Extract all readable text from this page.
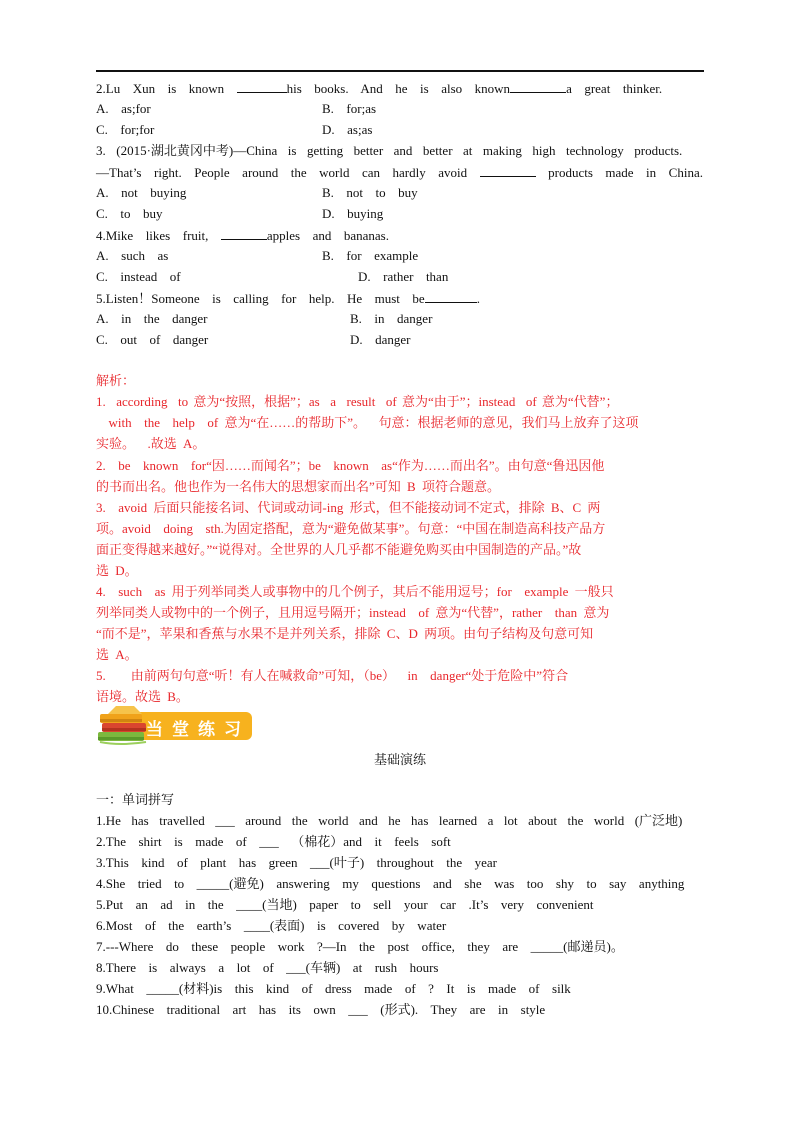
2.Lu  Xun  is  known	his  books.  And  he  is  also  known	a  great  thinker.
A.  as;for	B.  for;as
C.  for;for	D.  as;as
3.  (2015·湖北黄冈中考)—China  is  getting  better  and  better  at  making  high  technology  products.
—That’s  right.  People  around  the  world  can  hardly  avoid	products  made  in  China.
A.  not  buying	B.  not  to  buy
C.  to  buy	D.  buying
4.Mike  likes  fruit,	apples  and  bananas.
A.  such  as	B.  for  example
C.  instead  of	D.  rather  than
5.Listen！Someone  is  calling  for  help.  He  must  be	.
A.  in  the  danger	B.  in  danger
C.  out  of  danger	D.  danger
解析：
1.  according  to 意为“按照，根据”；as  a  result  of 意为“由于”；instead  of 意为“代替”；
with  the  help  of 意为“在……的帮助下”。  句意：根据老师的意见，我们马上放弃了这项
实验。  .故选 A。
2.  be  known  for“因……而闻名”；be  known  as“作为……而出名”。由句意“鲁迅因他
的书而出名。他也作为一名伟大的思想家而出名”可知 B 项符合题意。
3.  avoid 后面只能接名词、代词或动词-ing 形式，但不能接动词不定式，排除 B、C 两
项。avoid  doing  sth.为固定搭配，意为“避免做某事”。句意：“中国在制造高科技产品方
面正变得越来越好。”“说得对。全世界的人几乎都不能避免购买由中国制造的产品。”故
选 D。
4.  such  as 用于列举同类人或事物中的几个例子，其后不能用逗号；for  example 一般只
列举同类人或物中的一个例子，且用逗号隔开；instead  of 意为“代替”，rather  than 意为
“而不是”，苹果和香蕉与水果不是并列关系，排除 C、D 两项。由句子结构及句意可知
选 A。
5.    由前两句句意“听！有人在喊救命”可知，（be）  in  danger“处于危险中”符合
语境。故选 B。
当堂练习
基础演练
一：单词拼写
1.He  has  travelled  ___  around  the  world  and  he  has  learned  a  lot  about  the  world  (广泛地)
2.The  shirt  is  made  of  ___  （棉花）and  it  feels  soft
3.This  kind  of  plant  has  green  ___(叶子)  throughout  the  year
4.She  tried  to  _____(避免)  answering  my  questions  and  she  was  too  shy  to  say  anything
5.Put  an  ad  in  the  ____(当地)  paper  to  sell  your  car  .It’s  very  convenient
6.Most  of  the  earth’s  ____(表面)  is  covered  by  water
7.---Where  do  these  people  work  ?—In  the  post  office,  they  are  _____(邮递员)。
8.There  is  always  a  lot  of  ___(车辆)  at  rush  hours
9.What  _____(材料)is  this  kind  of  dress  made  of  ?  It  is  made  of  silk
10.Chinese  traditional  art  has  its  own  ___  (形式).  They  are  in  style
